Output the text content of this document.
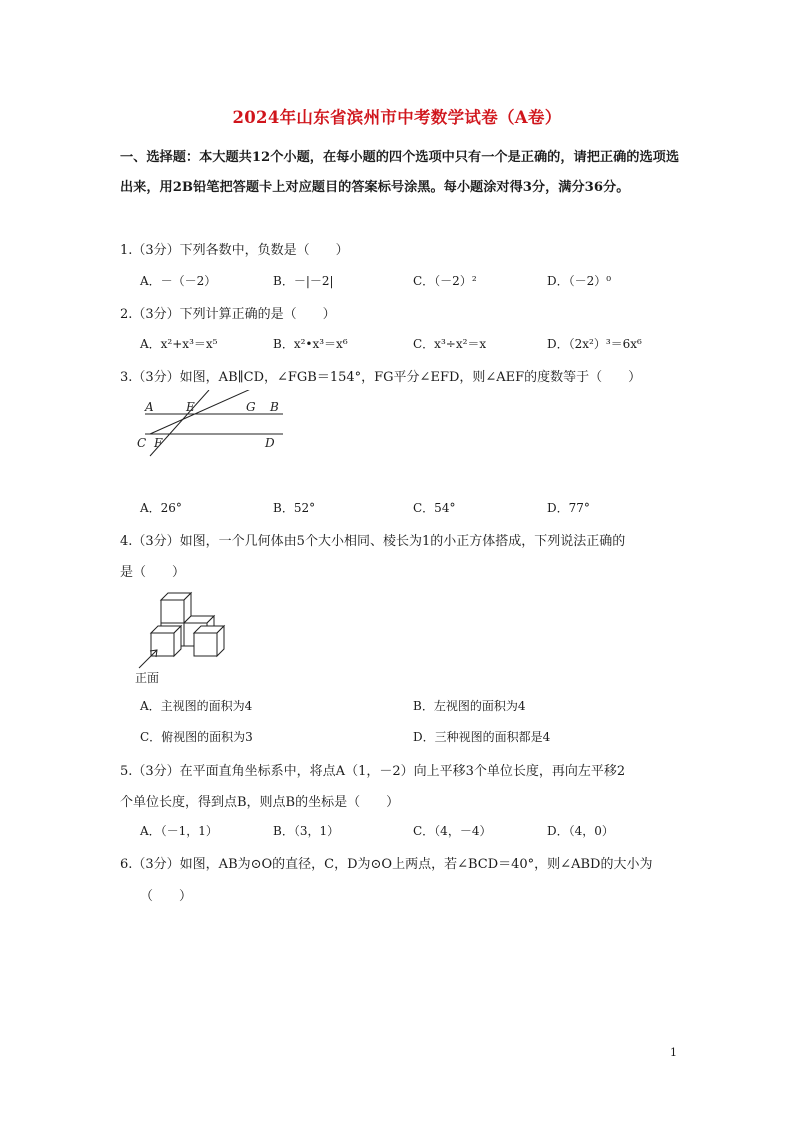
2024年山东省滨州市中考数学试卷（A卷）
一、选择题：本大题共12个小题，在每小题的四个选项中只有一个是正确的，请把正确的选项选出来，用2B铅笔把答题卡上对应题目的答案标号涂黑。每小题涂对得3分，满分36分。
1.（3分）下列各数中，负数是（　　）
A．－（－2）	B．－|－2|	C．（－2）²	D．（－2）⁰
2.（3分）下列计算正确的是（　　）
A．x²+x³＝x⁵	B．x²•x³＝x⁶	C．x³÷x²＝x	D．（2x²）³＝6x⁶
3.（3分）如图，AB∥CD，∠FGB＝154°，FG平分∠EFD，则∠AEF的度数等于（　　）
A	E	G B
C F	D
A．26°	B．52°	C．54°	D．77°
4.（3分）如图，一个几何体由5个大小相同、棱长为1的小正方体搭成，下列说法正确的
是（　　）
正面
A．主视图的面积为4	B．左视图的面积为4
C．俯视图的面积为3	D．三种视图的面积都是4
5.（3分）在平面直角坐标系中，将点A（1，－2）向上平移3个单位长度，再向左平移2
个单位长度，得到点B，则点B的坐标是（　　）
A．（－1，1）	B．（3，1）	C．（4，－4）	D．（4，0）
6.（3分）如图，AB为⊙O的直径，C，D为⊙O上两点，若∠BCD＝40°，则∠ABD的大小为
（　　）
1
